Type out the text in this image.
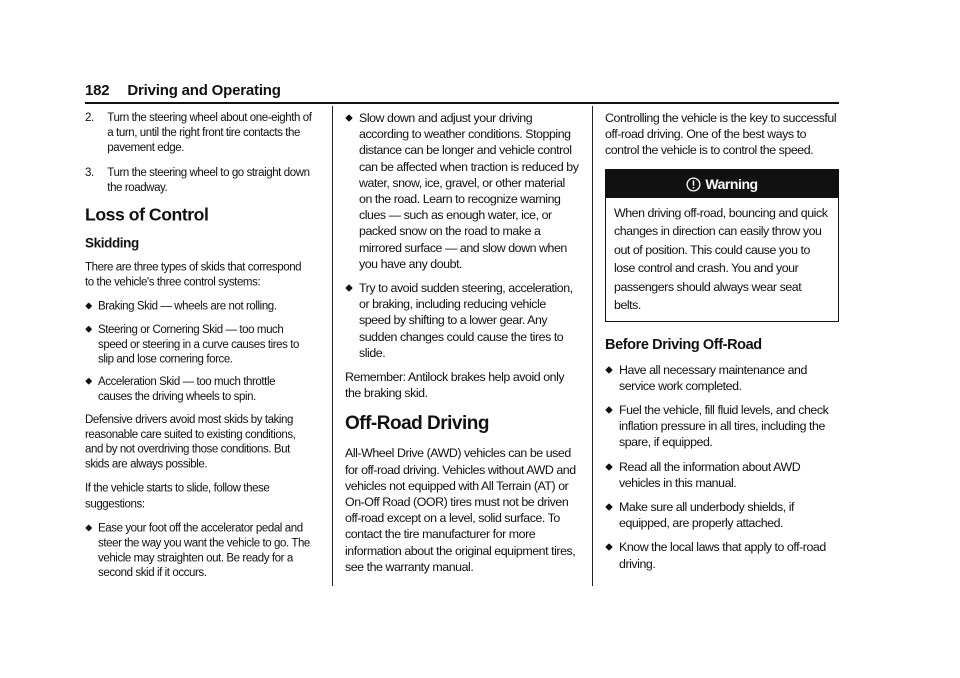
182 Driving and Operating
2. Turn the steering wheel about one-eighth of a turn, until the right front tire contacts the pavement edge.
3. Turn the steering wheel to go straight down the roadway.
Loss of Control
Skidding

There are three types of skids that correspond to the vehicle's three control systems:

Braking Skid — wheels are not rolling.
Steering or Cornering Skid — too much speed or steering in a curve causes tires to slip and lose cornering force.
Acceleration Skid — too much throttle causes the driving wheels to spin.

Defensive drivers avoid most skids by taking reasonable care suited to existing conditions, and by not overdriving those conditions. But skids are always possible.

If the vehicle starts to slide, follow these suggestions:

Ease your foot off the accelerator pedal and steer the way you want the vehicle to go. The vehicle may straighten out. Be ready for a second skid if it occurs.
Slow down and adjust your driving according to weather conditions. Stopping distance can be longer and vehicle control can be affected when traction is reduced by water, snow, ice, gravel, or other material on the road. Learn to recognize warning clues — such as enough water, ice, or packed snow on the road to make a mirrored surface — and slow down when you have any doubt.
Try to avoid sudden steering, acceleration, or braking, including reducing vehicle speed by shifting to a lower gear. Any sudden changes could cause the tires to slide.

Remember: Antilock brakes help avoid only the braking skid.

Off-Road Driving

All-Wheel Drive (AWD) vehicles can be used for off-road driving. Vehicles without AWD and vehicles not equipped with All Terrain (AT) or On-Off Road (OOR) tires must not be driven off-road except on a level, solid surface. To contact the tire manufacturer for more information about the original equipment tires, see the warranty manual.

Controlling the vehicle is the key to successful off-road driving. One of the best ways to control the vehicle is to control the speed.

Warning
When driving off-road, bouncing and quick changes in direction can easily throw you out of position. This could cause you to lose control and crash. You and your passengers should always wear seat belts.
Before Driving Off-Road
Have all necessary maintenance and service work completed.
Fuel the vehicle, fill fluid levels, and check inflation pressure in all tires, including the spare, if equipped.
Read all the information about AWD vehicles in this manual.
Make sure all underbody shields, if equipped, are properly attached.
Know the local laws that apply to off-road driving.
